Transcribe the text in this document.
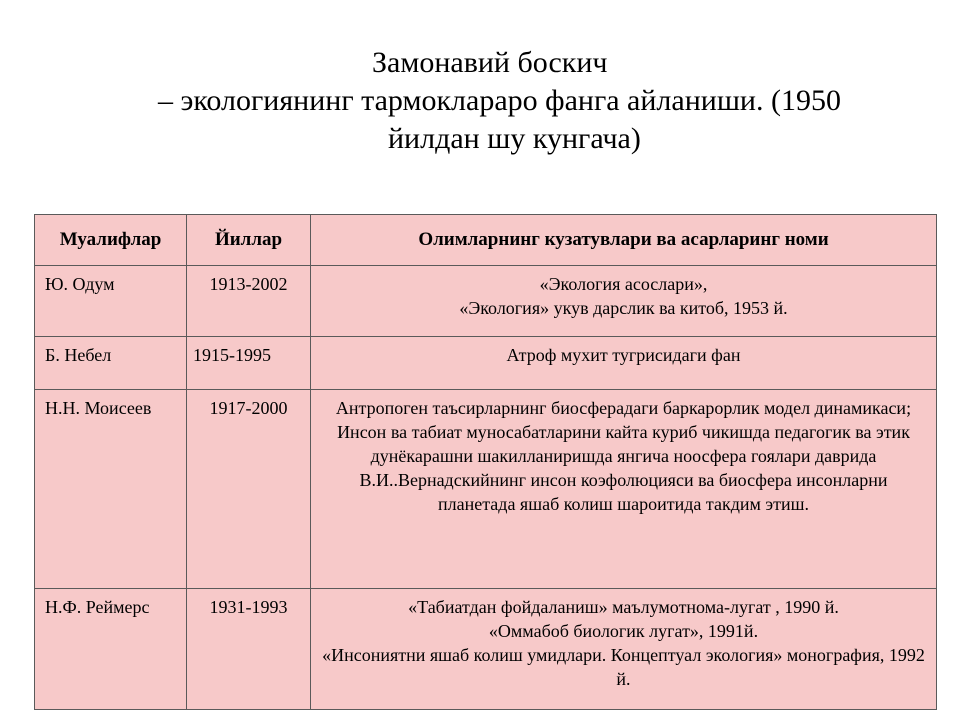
Замонавий боскич
– экологиянинг тармоклараро фанга айланиши. (1950
йилдан шу кунгача)
Муалифлар	Йиллар	Олимларнинг кузатувлари ва асарларинг номи
Ю. Одум	1913-2002	«Экология асослари»,
«Экология» укув дарслик ва китоб, 1953 й.

Б. Небел	1915-1995	Атроф мухит тугрисидаги фан

Н.Н. Моисеев	1917-2000	Антропоген таъсирларнинг биосферадаги баркарорлик модел динамикаси;
Инсон ва табиат муносабатларини кайта куриб чикишда педагогик ва этик дунёкарашни шакилланиришда янгича ноосфера гоялари даврида В.И..Вернадскийнинг инсон коэфолюцияси ва биосфера инсонларни планетада яшаб колиш шароитида такдим этиш.

Н.Ф. Реймерс	1931-1993	«Табиатдан фойдаланиш» маълумотнома-лугат , 1990 й.
«Оммабоб биологик лугат», 1991й.
«Инсониятни яшаб колиш умидлари. Концептуал экология» монография, 1992 й.
